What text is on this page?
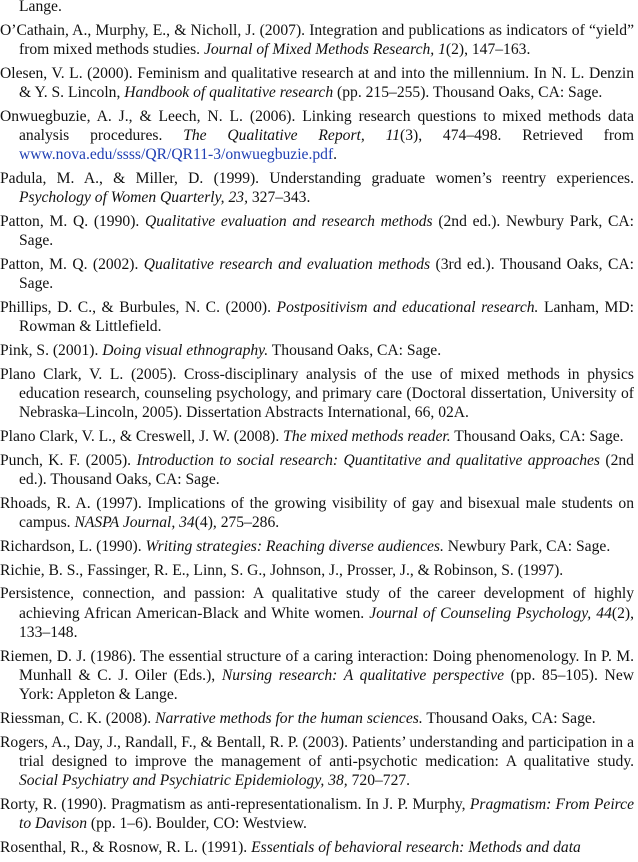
Lange.

O’Cathain, A., Murphy, E., & Nicholl, J. (2007). Integration and publications as indicators of “yield” from mixed methods studies. Journal of Mixed Methods Research, 1(2), 147–163.

Olesen, V. L. (2000). Feminism and qualitative research at and into the millennium. In N. L. Denzin & Y. S. Lincoln, Handbook of qualitative research (pp. 215–255). Thousand Oaks, CA: Sage.

Onwuegbuzie, A. J., & Leech, N. L. (2006). Linking research questions to mixed methods data analysis procedures. The Qualitative Report, 11(3), 474–498. Retrieved from www.nova.edu/ssss/QR/QR11-3/onwuegbuzie.pdf.

Padula, M. A., & Miller, D. (1999). Understanding graduate women’s reentry experiences. Psychology of Women Quarterly, 23, 327–343.

Patton, M. Q. (1990). Qualitative evaluation and research methods (2nd ed.). Newbury Park, CA: Sage.

Patton, M. Q. (2002). Qualitative research and evaluation methods (3rd ed.). Thousand Oaks, CA: Sage.

Phillips, D. C., & Burbules, N. C. (2000). Postpositivism and educational research. Lanham, MD: Rowman & Littlefield.

Pink, S. (2001). Doing visual ethnography. Thousand Oaks, CA: Sage.

Plano Clark, V. L. (2005). Cross-disciplinary analysis of the use of mixed methods in physics education research, counseling psychology, and primary care (Doctoral dissertation, University of Nebraska–Lincoln, 2005). Dissertation Abstracts International, 66, 02A.

Plano Clark, V. L., & Creswell, J. W. (2008). The mixed methods reader. Thousand Oaks, CA: Sage.

Punch, K. F. (2005). Introduction to social research: Quantitative and qualitative approaches (2nd ed.). Thousand Oaks, CA: Sage.

Rhoads, R. A. (1997). Implications of the growing visibility of gay and bisexual male students on campus. NASPA Journal, 34(4), 275–286.

Richardson, L. (1990). Writing strategies: Reaching diverse audiences. Newbury Park, CA: Sage.

Richie, B. S., Fassinger, R. E., Linn, S. G., Johnson, J., Prosser, J., & Robinson, S. (1997).

Persistence, connection, and passion: A qualitative study of the career development of highly achieving African American-Black and White women. Journal of Counseling Psychology, 44(2), 133–148.

Riemen, D. J. (1986). The essential structure of a caring interaction: Doing phenomenology. In P. M. Munhall & C. J. Oiler (Eds.), Nursing research: A qualitative perspective (pp. 85–105). New York: Appleton & Lange.

Riessman, C. K. (2008). Narrative methods for the human sciences. Thousand Oaks, CA: Sage.

Rogers, A., Day, J., Randall, F., & Bentall, R. P. (2003). Patients’ understanding and participation in a trial designed to improve the management of anti-psychotic medication: A qualitative study. Social Psychiatry and Psychiatric Epidemiology, 38, 720–727.

Rorty, R. (1990). Pragmatism as anti-representationalism. In J. P. Murphy, Pragmatism: From Peirce to Davison (pp. 1–6). Boulder, CO: Westview.

Rosenthal, R., & Rosnow, R. L. (1991). Essentials of behavioral research: Methods and data
